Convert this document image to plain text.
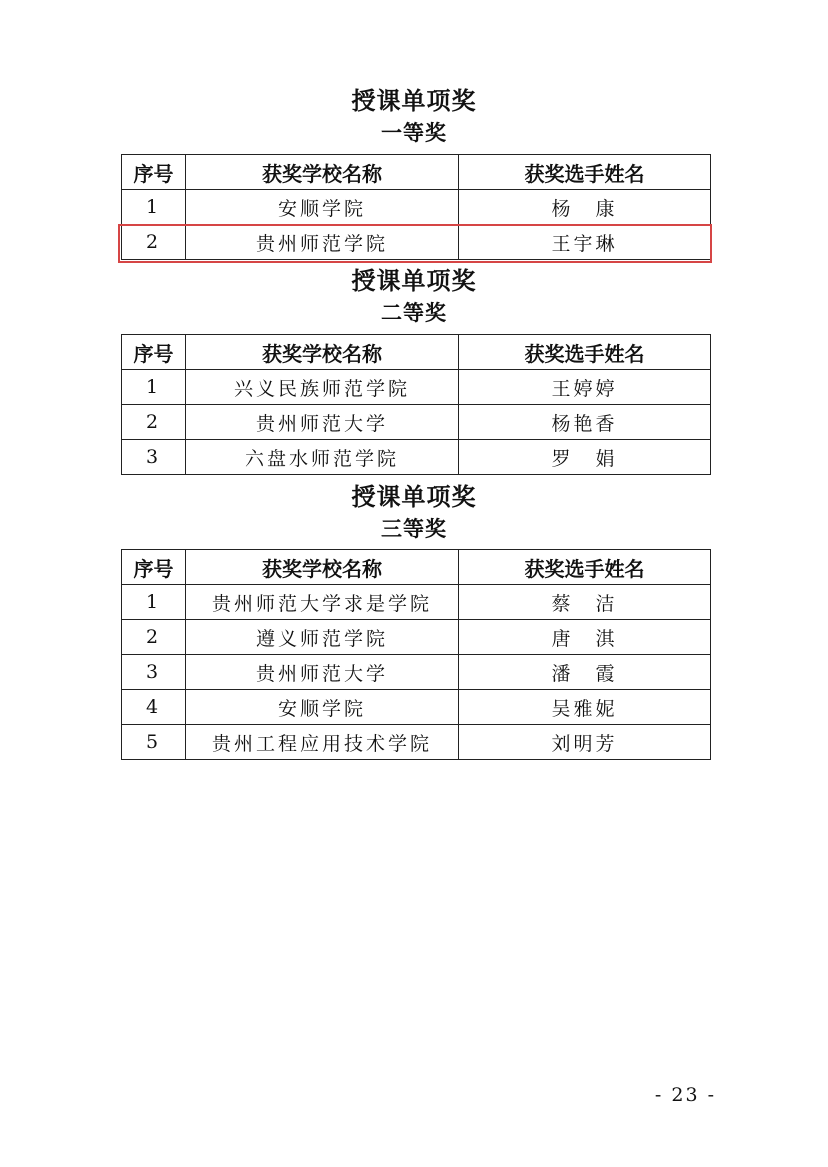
授课单项奖
一等奖
序号	获奖学校名称	获奖选手姓名
1	安顺学院	杨　康
2	贵州师范学院	王宇琳
授课单项奖
二等奖
序号	获奖学校名称	获奖选手姓名
1	兴义民族师范学院	王婷婷
2	贵州师范大学	杨艳香
3	六盘水师范学院	罗　娟
授课单项奖
三等奖
序号	获奖学校名称	获奖选手姓名
1	贵州师范大学求是学院	蔡　洁
2	遵义师范学院	唐　淇
3	贵州师范大学	潘　霞
4	安顺学院	吴雅妮
5	贵州工程应用技术学院	刘明芳
- 23 -
